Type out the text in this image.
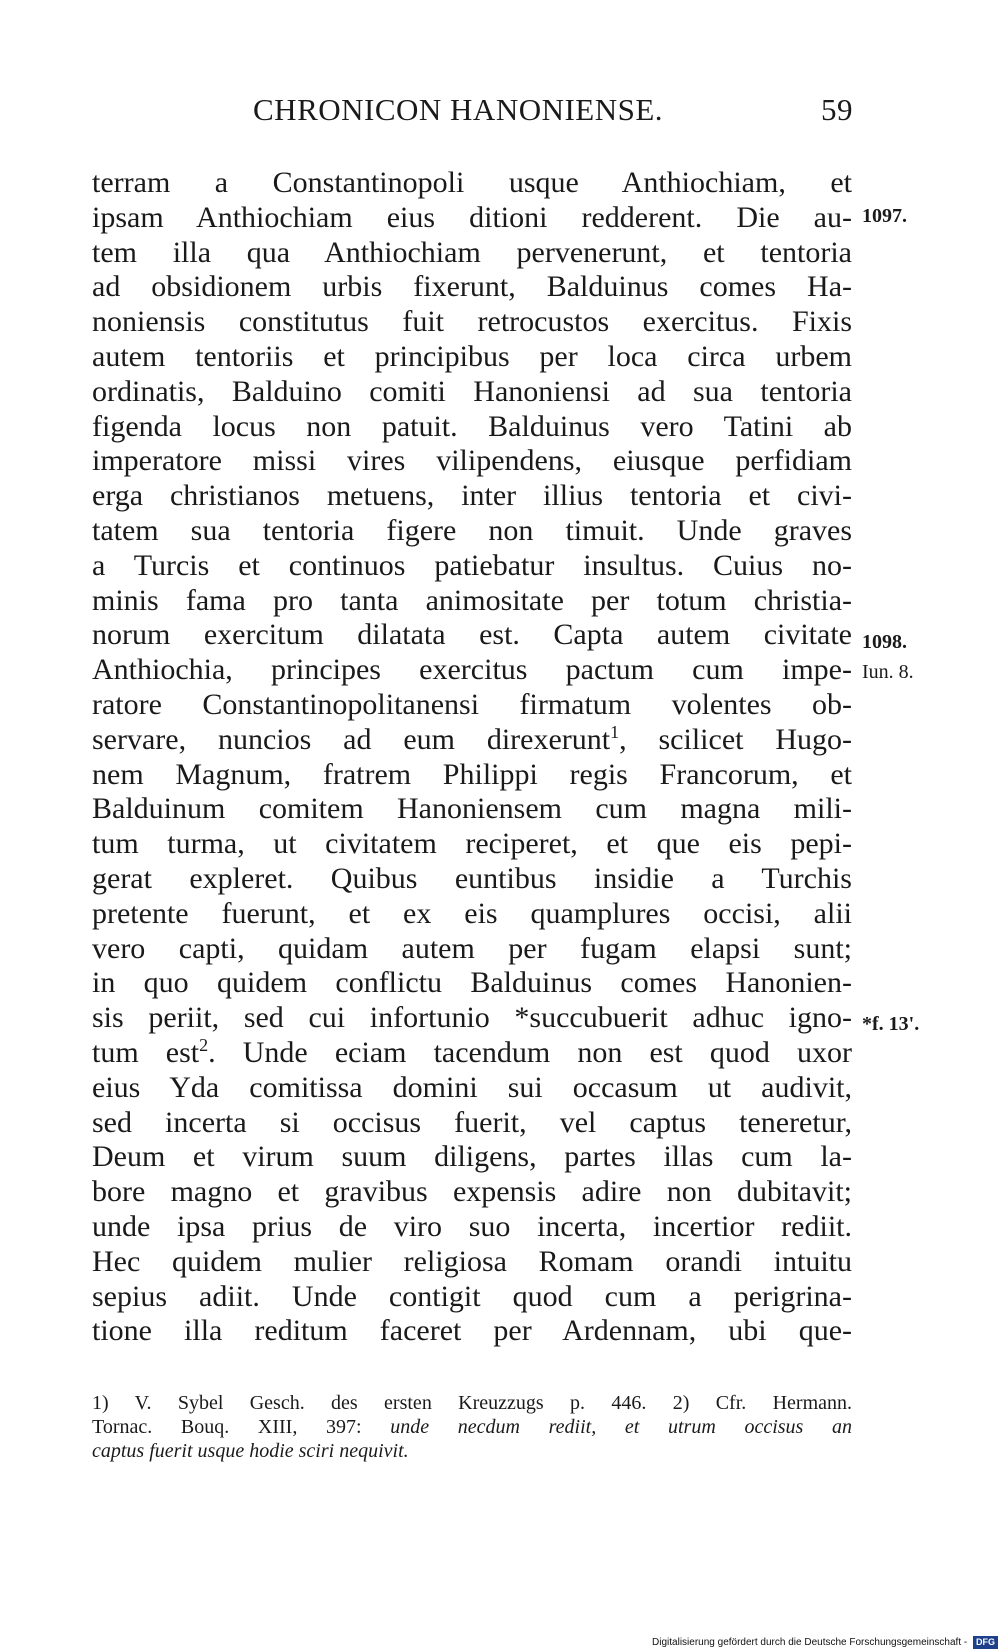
CHRONICON HANONIENSE.	59
terram a Constantinopoli usque Anthiochiam, et
ipsam Anthiochiam eius ditioni redderent. Die au-
tem illa qua Anthiochiam pervenerunt, et tentoria
ad obsidionem urbis fixerunt, Balduinus comes Ha-
noniensis constitutus fuit retrocustos exercitus. Fixis
autem tentoriis et principibus per loca circa urbem
ordinatis, Balduino comiti Hanoniensi ad sua tentoria
figenda locus non patuit. Balduinus vero Tatini ab
imperatore missi vires vilipendens, eiusque perfidiam
erga christianos metuens, inter illius tentoria et civi-
tatem sua tentoria figere non timuit. Unde graves
a Turcis et continuos patiebatur insultus. Cuius no-
minis fama pro tanta animositate per totum christia-
norum exercitum dilatata est. Capta autem civitate
Anthiochia, principes exercitus pactum cum impe-
ratore Constantinopolitanensi firmatum volentes ob-
servare, nuncios ad eum direxerunt$^1$, scilicet Hugo-
nem Magnum, fratrem Philippi regis Francorum, et
Balduinum comitem Hanoniensem cum magna mili-
tum turma, ut civitatem reciperet, et que eis pepi-
gerat expleret. Quibus euntibus insidie a Turchis
pretente fuerunt, et ex eis quamplures occisi, alii
vero capti, quidam autem per fugam elapsi sunt;
in quo quidem conflictu Balduinus comes Hanonien-
sis periit, sed cui infortunio *succubuerit adhuc igno-
tum est$^2$. Unde eciam tacendum non est quod uxor
eius Yda comitissa domini sui occasum ut audivit,
sed incerta si occisus fuerit, vel captus teneretur,
Deum et virum suum diligens, partes illas cum la-
bore magno et gravibus expensis adire non dubitavit;
unde ipsa prius de viro suo incerta, incertior rediit.
Hec quidem mulier religiosa Romam orandi intuitu
sepius adiit. Unde contigit quod cum a perigrina-
tione illa reditum faceret per Ardennam, ubi que-
1097.
1098.
Iun. 8.
*f. 13'.
1) V. Sybel Gesch. des ersten Kreuzzugs p. 446. 2) Cfr. Hermann.
Tornac. Bouq. XIII, 397: unde necdum rediit, et utrum occisus an
captus fuerit usque hodie sciri nequivit.
Digitalisierung gefördert durch die Deutsche Forschungsgemeinschaft - DFG
